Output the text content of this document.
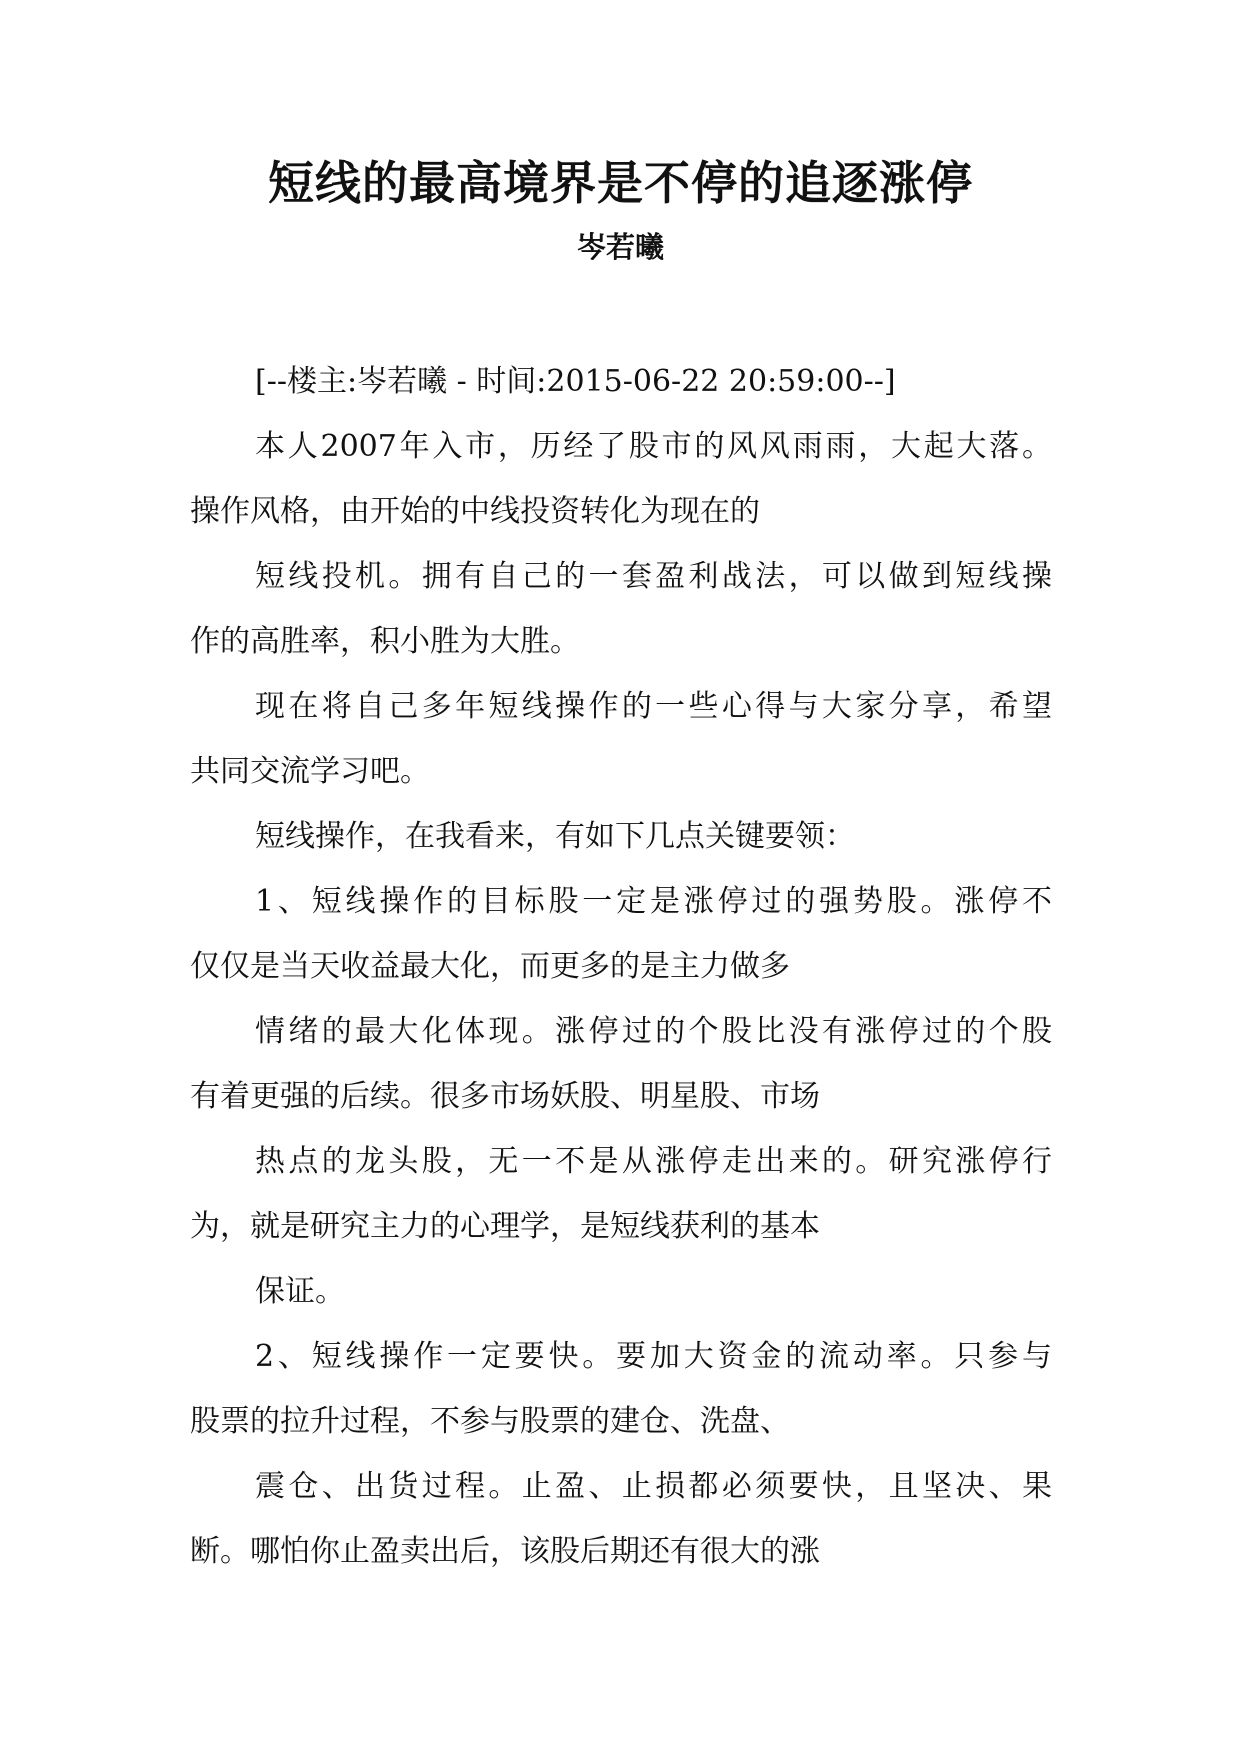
短线的最高境界是不停的追逐涨停
岑若曦
[--楼主:岑若曦 - 时间:2015-06-22 20:59:00--]
本人2007年入市，历经了股市的风风雨雨，大起大落。
操作风格，由开始的中线投资转化为现在的
短线投机。拥有自己的一套盈利战法，可以做到短线操
作的高胜率，积小胜为大胜。
现在将自己多年短线操作的一些心得与大家分享，希望
共同交流学习吧。
短线操作，在我看来，有如下几点关键要领：
1、短线操作的目标股一定是涨停过的强势股。涨停不
仅仅是当天收益最大化，而更多的是主力做多
情绪的最大化体现。涨停过的个股比没有涨停过的个股
有着更强的后续。很多市场妖股、明星股、市场
热点的龙头股，无一不是从涨停走出来的。研究涨停行
为，就是研究主力的心理学，是短线获利的基本
保证。
2、短线操作一定要快。要加大资金的流动率。只参与
股票的拉升过程，不参与股票的建仓、洗盘、
震仓、出货过程。止盈、止损都必须要快，且坚决、果
断。哪怕你止盈卖出后，该股后期还有很大的涨
